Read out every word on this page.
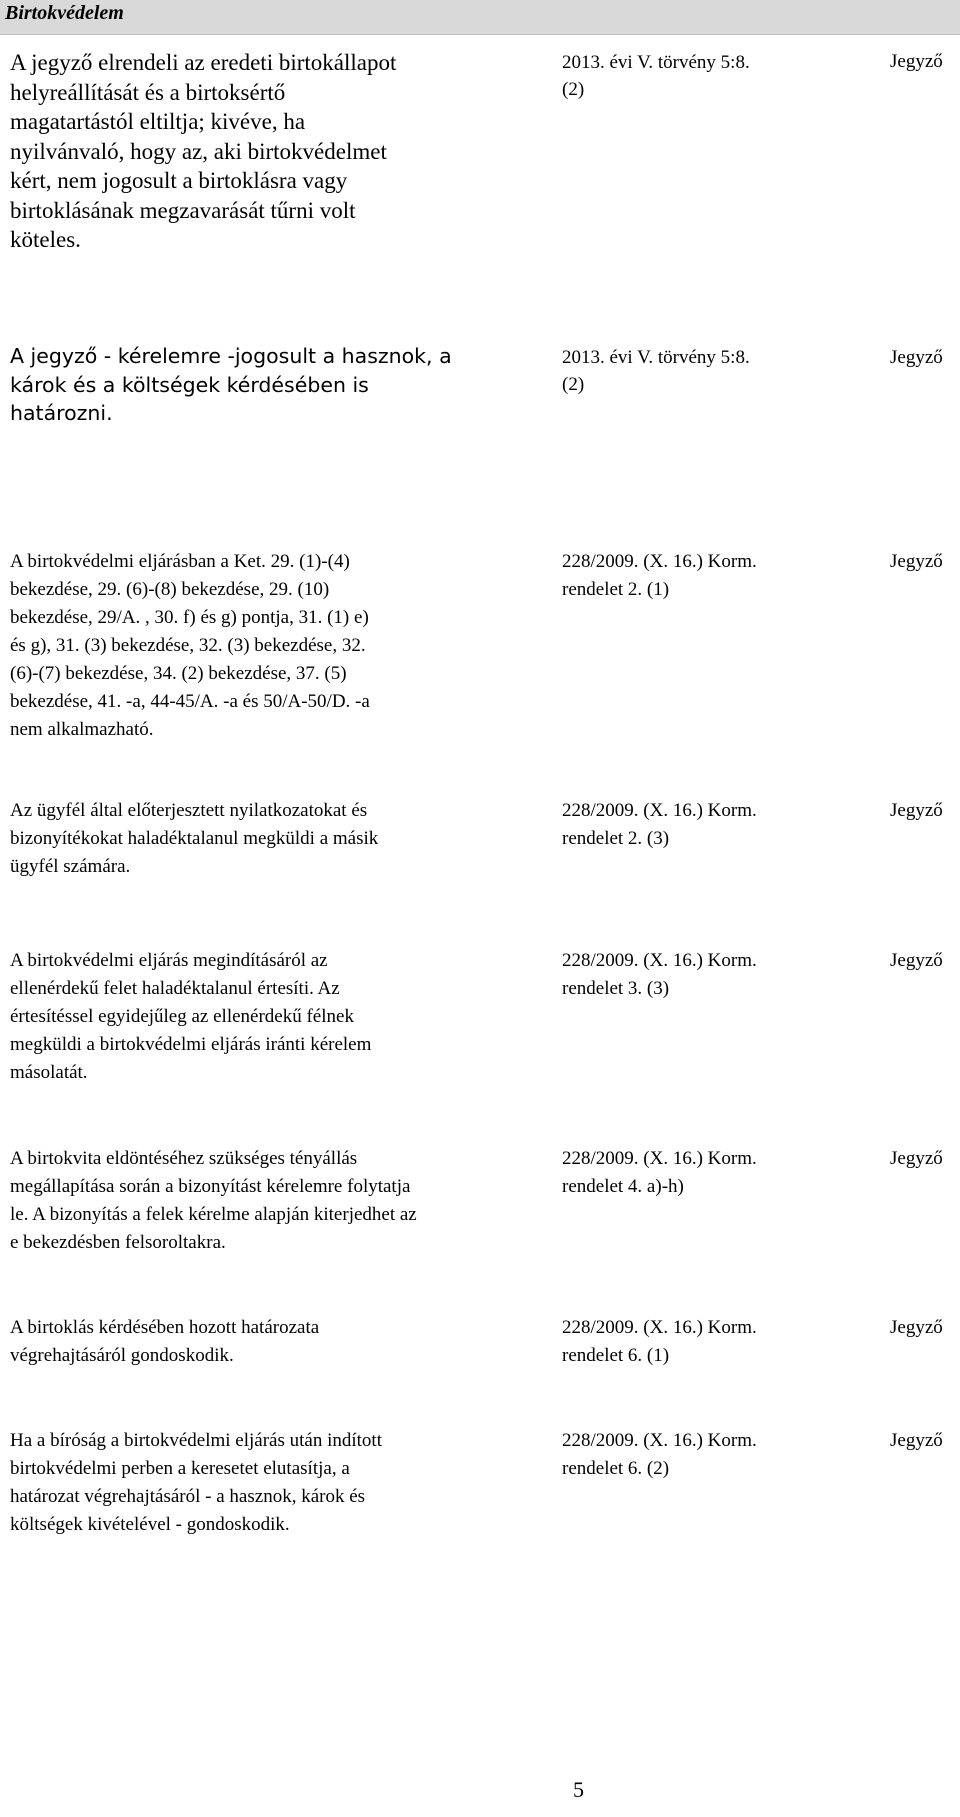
Birtokvédelem

A jegyző elrendeli az eredeti birtokállapot
helyreállítását és a birtoksértő
magatartástól eltiltja; kivéve, ha
nyilvánvaló, hogy az, aki birtokvédelmet
kért, nem jogosult a birtoklásra vagy
birtoklásának megzavarását tűrni volt
köteles.

2013. évi V. törvény 5:8.
(2)

Jegyző

A jegyző - kérelemre -jogosult a hasznok, a
károk és a költségek kérdésében is
határozni.

2013. évi V. törvény 5:8.
(2)

Jegyző

A birtokvédelmi eljárásban a Ket. 29. (1)-(4)
bekezdése, 29. (6)-(8) bekezdése, 29. (10)
bekezdése, 29/A. , 30. f) és g) pontja, 31. (1) e)
és g), 31. (3) bekezdése, 32. (3) bekezdése, 32.
(6)-(7) bekezdése, 34. (2) bekezdése, 37. (5)
bekezdése, 41. -a, 44-45/A. -a és 50/A-50/D. -a
nem alkalmazható.

228/2009. (X. 16.) Korm.
rendelet 2. (1)

Jegyző

Az ügyfél által előterjesztett nyilatkozatokat és
bizonyítékokat haladéktalanul megküldi a másik
ügyfél számára.

228/2009. (X. 16.) Korm.
rendelet 2. (3)

Jegyző

A birtokvédelmi eljárás megindításáról az
ellenérdekű felet haladéktalanul értesíti. Az
értesítéssel egyidejűleg az ellenérdekű félnek
megküldi a birtokvédelmi eljárás iránti kérelem
másolatát.

228/2009. (X. 16.) Korm.
rendelet 3. (3)

Jegyző

A birtokvita eldöntéséhez szükséges tényállás
megállapítása során a bizonyítást kérelemre folytatja
le. A bizonyítás a felek kérelme alapján kiterjedhet az
e bekezdésben felsoroltakra.

228/2009. (X. 16.) Korm.
rendelet 4. a)-h)

Jegyző

A birtoklás kérdésében hozott határozata
végrehajtásáról gondoskodik.

228/2009. (X. 16.) Korm.
rendelet 6. (1)

Jegyző

Ha a bíróság a birtokvédelmi eljárás után indított
birtokvédelmi perben a keresetet elutasítja, a
határozat végrehajtásáról - a hasznok, károk és
költségek kivételével - gondoskodik.

228/2009. (X. 16.) Korm.
rendelet 6. (2)

Jegyző

5
